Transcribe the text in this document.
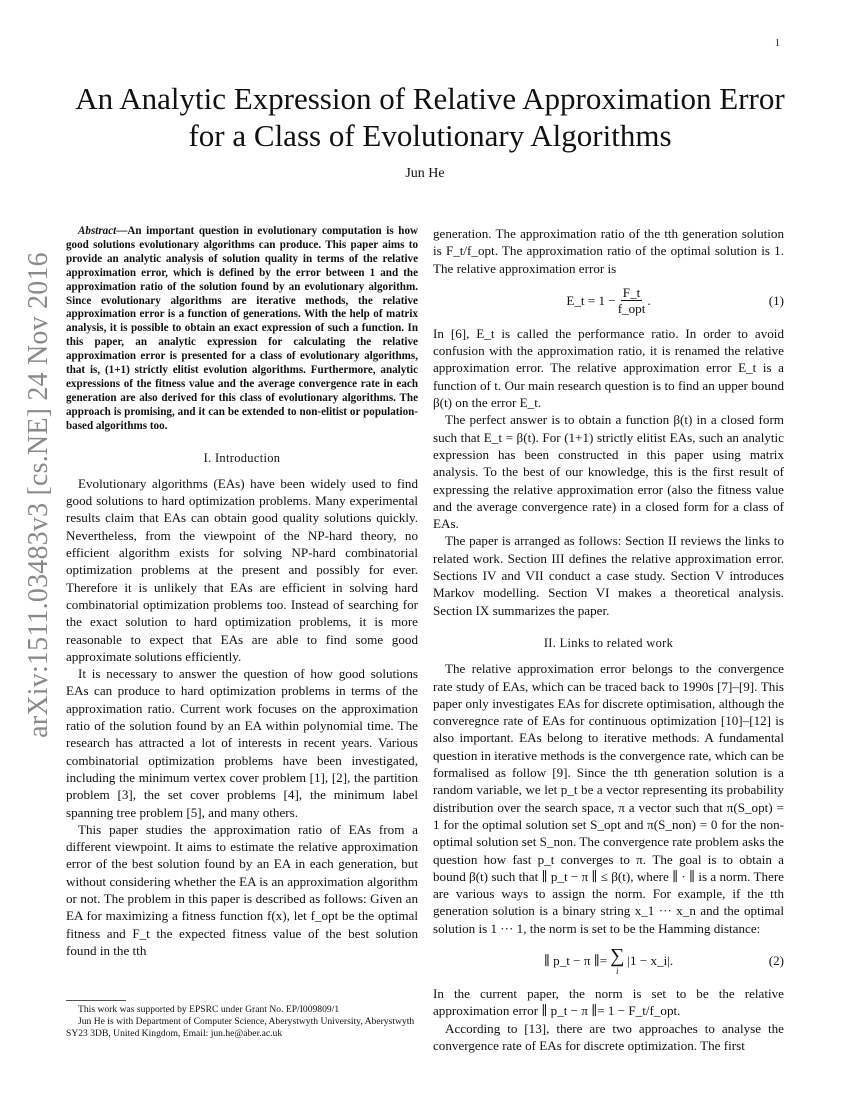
1
arXiv:1511.03483v3 [cs.NE] 24 Nov 2016
An Analytic Expression of Relative Approximation Error for a Class of Evolutionary Algorithms
Jun He

Abstract—An important question in evolutionary computation is how good solutions evolutionary algorithms can produce. This paper aims to provide an analytic analysis of solution quality in terms of the relative approximation error, which is defined by the error between 1 and the approximation ratio of the solution found by an evolutionary algorithm. Since evolutionary algorithms are iterative methods, the relative approximation error is a function of generations. With the help of matrix analysis, it is possible to obtain an exact expression of such a function. In this paper, an analytic expression for calculating the relative approximation error is presented for a class of evolutionary algorithms, that is, (1+1) strictly elitist evolution algorithms. Furthermore, analytic expressions of the fitness value and the average convergence rate in each generation are also derived for this class of evolutionary algorithms. The approach is promising, and it can be extended to non-elitist or population-based algorithms too.

I. Introduction

Evolutionary algorithms (EAs) have been widely used to find good solutions to hard optimization problems. Many experimental results claim that EAs can obtain good quality solutions quickly. Nevertheless, from the viewpoint of the NP-hard theory, no efficient algorithm exists for solving NP-hard combinatorial optimization problems at the present and possibly for ever. Therefore it is unlikely that EAs are efficient in solving hard combinatorial optimization problems too. Instead of searching for the exact solution to hard optimization problems, it is more reasonable to expect that EAs are able to find some good approximate solutions efficiently.

It is necessary to answer the question of how good solutions EAs can produce to hard optimization problems in terms of the approximation ratio. Current work focuses on the approximation ratio of the solution found by an EA within polynomial time. The research has attracted a lot of interests in recent years. Various combinatorial optimization problems have been investigated, including the minimum vertex cover problem [1], [2], the partition problem [3], the set cover problems [4], the minimum label spanning tree problem [5], and many others.

This paper studies the approximation ratio of EAs from a different viewpoint. It aims to estimate the relative approximation error of the best solution found by an EA in each generation, but without considering whether the EA is an approximation algorithm or not. The problem in this paper is described as follows: Given an EA for maximizing a fitness function f(x), let f_opt be the optimal fitness and F_t the expected fitness value of the best solution found in the tth

This work was supported by EPSRC under Grant No. EP/I009809/1

Jun He is with Department of Computer Science, Aberystwyth University, Aberystwyth SY23 3DB, United Kingdom, Email: jun.he@aber.ac.uk

generation. The approximation ratio of the tth generation solution is F_t/f_opt. The approximation ratio of the optimal solution is 1. The relative approximation error is

E_t = $1 - \frac{F\_t}{\text{f\_opt}}$ .	(1)

In [6], E_t is called the performance ratio. In order to avoid confusion with the approximation ratio, it is renamed the relative approximation error. The relative approximation error E_t is a function of t. Our main research question is to find an upper bound β(t) on the error E_t.

The perfect answer is to obtain a function β(t) in a closed form such that E_t = β(t). For (1+1) strictly elitist EAs, such an analytic expression has been constructed in this paper using matrix analysis. To the best of our knowledge, this is the first result of expressing the relative approximation error (also the fitness value and the average convergence rate) in a closed form for a class of EAs.

The paper is arranged as follows: Section II reviews the links to related work. Section III defines the relative approximation error. Sections IV and VII conduct a case study. Section V introduces Markov modelling. Section VI makes a theoretical analysis. Section IX summarizes the paper.

II. Links to related work

The relative approximation error belongs to the convergence rate study of EAs, which can be traced back to 1990s [7]–[9]. This paper only investigates EAs for discrete optimisation, although the converegnce rate of EAs for continuous optimization [10]–[12] is also important. EAs belong to iterative methods. A fundamental question in iterative methods is the convergence rate, which can be formalised as follow [9]. Since the tth generation solution is a random variable, we let p_t be a vector representing its probability distribution over the search space, π a vector such that π(S_opt) = 1 for the optimal solution set S_opt and π(S_non) = 0 for the non-optimal solution set S_non. The convergence rate problem asks the question how fast p_t converges to π. The goal is to obtain a bound β(t) such that ∥ p_t − π ∥ ≤ β(t), where ∥ · ∥ is a norm. There are various ways to assign the norm. For example, if the tth generation solution is a binary string x_1 ··· x_n and the optimal solution is 1 ··· 1, the norm is set to be the Hamming distance:

∥ p_t − π ∥= ∑
i
|1 − x_i|.	(2)

In the current paper, the norm is set to be the relative approximation error ∥ p_t − π ∥= 1 − F_t/f_opt.

According to [13], there are two approaches to analyse the convergence rate of EAs for discrete optimization. The first
